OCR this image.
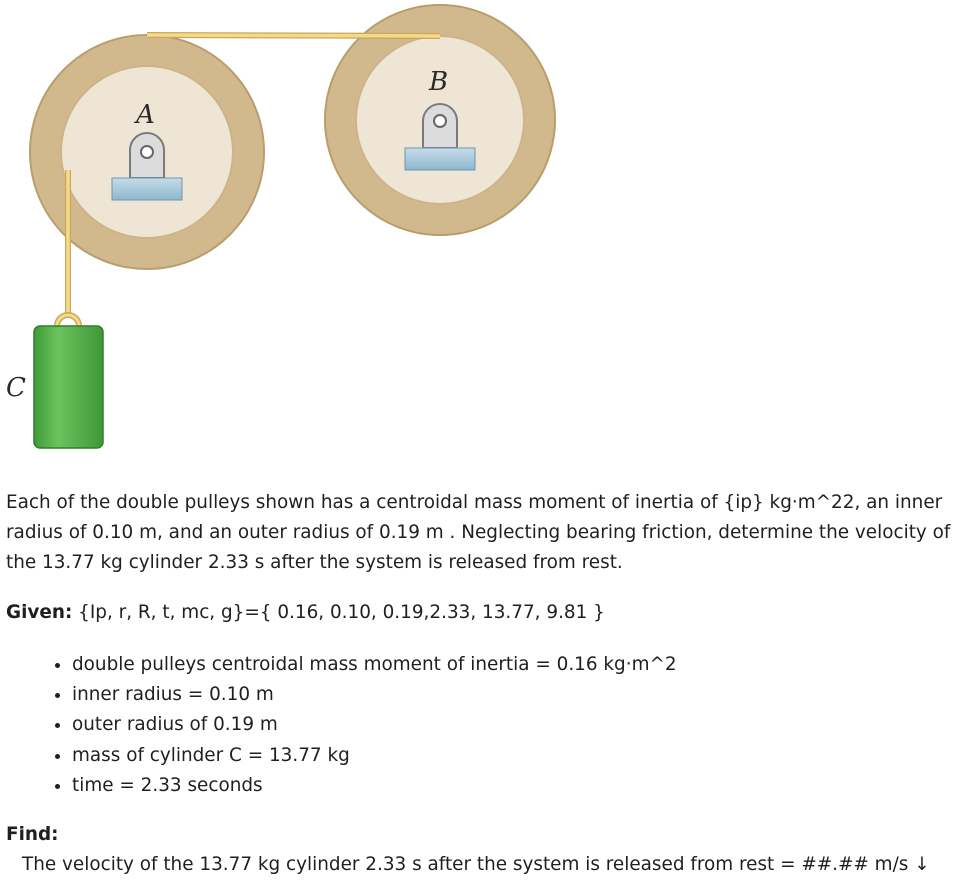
A
B
C

Each of the double pulleys shown has a centroidal mass moment of inertia of {ip} kg·m^22, an inner radius of 0.10 m, and an outer radius of 0.19 m . Neglecting bearing friction, determine the velocity of the 13.77 kg cylinder 2.33 s after the system is released from rest.

Given: {Ip, r, R, t, mc, g}={ 0.16, 0.10, 0.19,2.33, 13.77, 9.81 }

• double pulleys centroidal mass moment of inertia = 0.16 kg·m^2
• inner radius = 0.10 m
• outer radius of 0.19 m
• mass of cylinder C = 13.77 kg
• time = 2.33 seconds

Find:

The velocity of the 13.77 kg cylinder 2.33 s after the system is released from rest = ##.## m/s ↓
